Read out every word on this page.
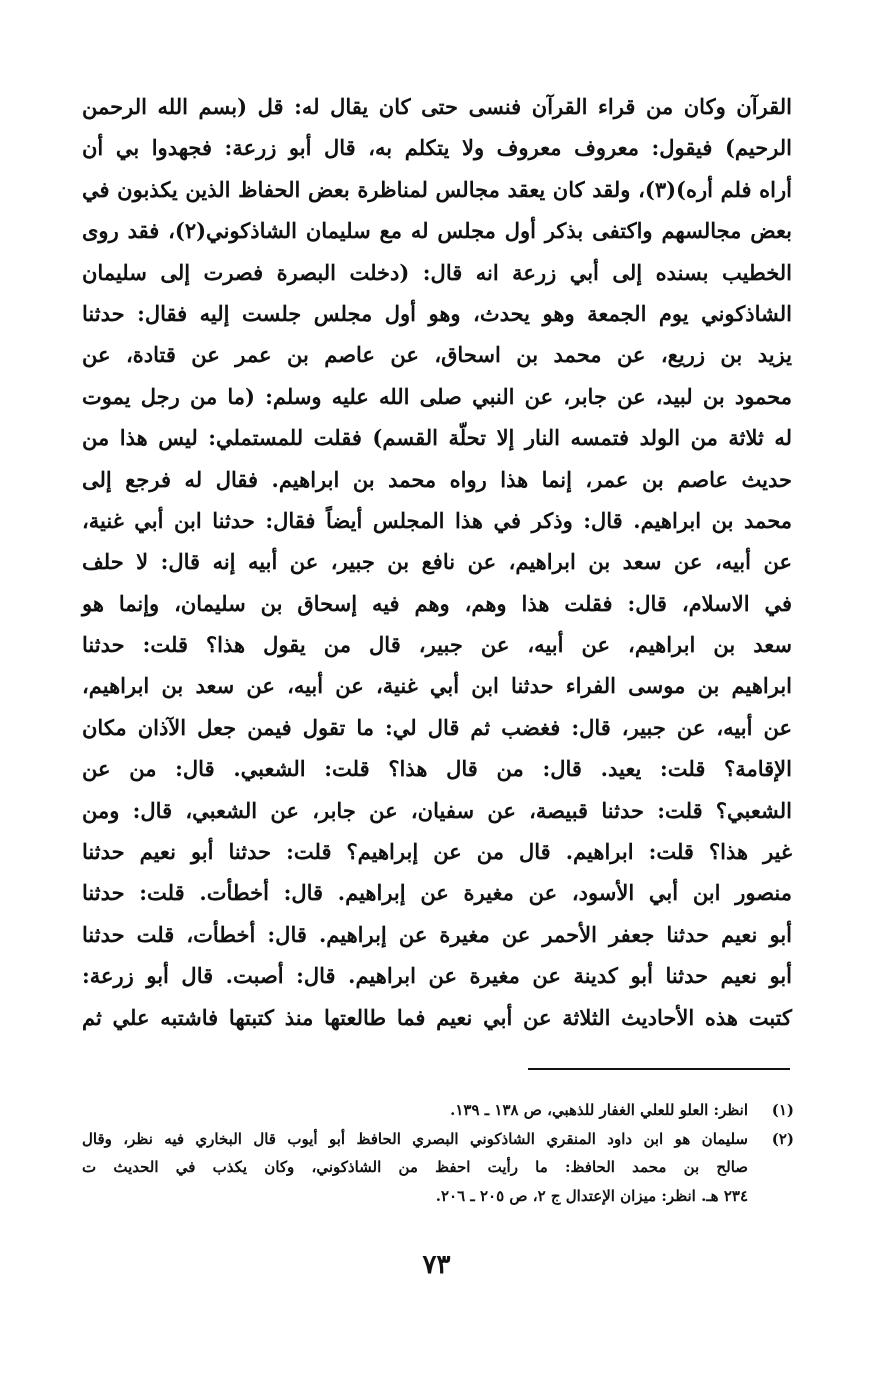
القرآن وكان من قراء القرآن فنسى حتى كان يقال له: قل (بسم الله الرحمن
الرحيم) فيقول: معروف معروف ولا يتكلم به، قال أبو زرعة: فجهدوا بي أن
أراه فلم أره)(٣)، ولقد كان يعقد مجالس لمناظرة بعض الحفاظ الذين يكذبون في
بعض مجالسهم واكتفى بذكر أول مجلس له مع سليمان الشاذكوني(٢)، فقد روى
الخطيب بسنده إلى أبي زرعة انه قال: (دخلت البصرة فصرت إلى سليمان
الشاذكوني يوم الجمعة وهو يحدث، وهو أول مجلس جلست إليه فقال: حدثنا
يزيد بن زريع، عن محمد بن اسحاق، عن عاصم بن عمر عن قتادة، عن
محمود بن لبيد، عن جابر، عن النبي صلى الله عليه وسلم: (ما من رجل يموت
له ثلاثة من الولد فتمسه النار إلا تحلّة القسم) فقلت للمستملي: ليس هذا من
حديث عاصم بن عمر، إنما هذا رواه محمد بن ابراهيم. فقال له فرجع إلى
محمد بن ابراهيم. قال: وذكر في هذا المجلس أيضاً فقال: حدثنا ابن أبي غنية،
عن أبيه، عن سعد بن ابراهيم، عن نافع بن جبير، عن أبيه إنه قال: لا حلف
في الاسلام، قال: فقلت هذا وهم، وهم فيه إسحاق بن سليمان، وإنما هو
سعد بن ابراهيم، عن أبيه، عن جبير، قال من يقول هذا؟ قلت: حدثنا
ابراهيم بن موسى الفراء حدثنا ابن أبي غنية، عن أبيه، عن سعد بن ابراهيم،
عن أبيه، عن جبير، قال: فغضب ثم قال لي: ما تقول فيمن جعل الآذان مكان
الإقامة؟ قلت: يعيد. قال: من قال هذا؟ قلت: الشعبي. قال: من عن
الشعبي؟ قلت: حدثنا قبيصة، عن سفيان، عن جابر، عن الشعبي، قال: ومن
غير هذا؟ قلت: ابراهيم. قال من عن إبراهيم؟ قلت: حدثنا أبو نعيم حدثنا
منصور ابن أبي الأسود، عن مغيرة عن إبراهيم. قال: أخطأت. قلت: حدثنا
أبو نعيم حدثنا جعفر الأحمر عن مغيرة عن إبراهيم. قال: أخطأت، قلت حدثنا
أبو نعيم حدثنا أبو كدينة عن مغيرة عن ابراهيم. قال: أصبت. قال أبو زرعة:
كتبت هذه الأحاديث الثلاثة عن أبي نعيم فما طالعتها منذ كتبتها فاشتبه علي ثم
(١)
انظر: العلو للعلي الغفار للذهبي، ص ١٣٨ ـ ١٣٩.
(٢)
سليمان هو ابن داود المنقري الشاذكوني البصري الحافظ أبو أيوب قال البخاري فيه نظر، وقال
صالح بن محمد الحافظ: ما رأيت احفظ من الشاذكوني، وكان يكذب في الحديث ت
٢٣٤ هـ. انظر: ميزان الإعتدال ج ٢، ص ٢٠٥ ـ ٢٠٦.
٧٣
